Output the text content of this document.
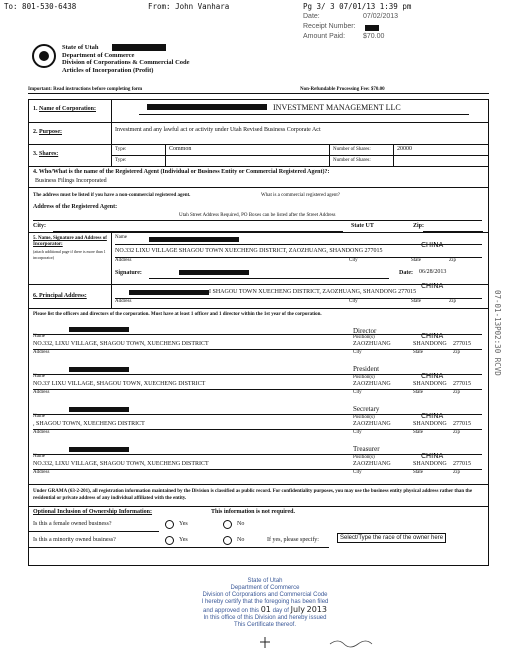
To: 801-530-6438	From: John Vanhara	Pg 3/ 3 07/01/13 1:39 pm
Date:	07/02/2013
Receipt Number:
Amount Paid:	$70.00
State of Utah
Department of Commerce
Division of Corporations & Commercial Code
Articles of Incorporation (Profit)
Important: Read instructions before completing form	Non-Refundable Processing Fee: $70.00
1. Name of Corporation:	INVESTMENT MANAGEMENT LLC
2. Purpose:	Investment and any lawful act or activity under Utah Revised Business Corporate Act
3. Shares:
Type:	Common	Number of Shares:	20000
Type:	Number of Shares:
4. Who/What is the name of the Registered Agent (Individual or Business Entity or Commercial Registered Agent)?:
Business Filings Incorporated
The address must be listed if you have a non-commercial registered agent.	What is a commercial registered agent?
Address of the Registered Agent:
Utah Street Address Required, PO Boxes can be listed after the Street Address
City:	State UT	Zip:
5. Name, Signature and Address of Incorporator:
(attach additional page if there is more than 1 incorporator)
Name
CHINA
NO.332 LIXU VILLAGE SHAGOU TOWN XUECHENG DISTRICT, ZAOZHUANG, SHANDONG 277015
Address	City	State	Zip
Signature:	Date: 06/28/2013
6. Principal Address:
CHINA
I SHAGOU TOWN XUECHENG DISTRICT, ZAOZHUANG, SHANDONG 277015
Address	City	State	Zip
Please list the officers and directors of the corporation. Must have at least 1 officer and 1 director within the 1st year of the corporation.
Director
Name	Position(s)	CHINA
NO.332, LIXU VILLAGE, SHAGOU TOWN, XUECHENG DISTRICT	ZAOZHUANG	SHANDONG 277015
Address	City	State	Zip
President
Name	Position(s)	CHINA
NO.33' LIXU VILLAGE, SHAGOU TOWN, XUECHENG DISTRICT	ZAOZHUANG	SHANDONG 277015
Address	City	State	Zip
Secretary
Name	Position(s)	CHINA
, SHAGOU TOWN, XUECHENG DISTRICT	ZAOZHUANG	SHANDONG 277015
Address	City	State	Zip
Treasurer
Name	Position(s)	CHINA
NO.332, LIXU VILLAGE, SHAGOU TOWN, XUECHENG DISTRICT	ZAOZHUANG	SHANDONG 277015
Address	City	State	Zip
Under GRAMA (63-2-201), all registration information maintained by the Division is classified as public record. For confidentiality purposes, you may use the business entity physical address rather than the residential or private address of any individual affiliated with the entity.
Optional Inclusion of Ownership Information:	This information is not required.
Is this a female owned business?	Yes	No
Is this a minority owned business?	Yes	No	If yes, please specify:	Select/Type the race of the owner here
07-01-13P02:30 RCVD
State of Utah
Department of Commerce
Division of Corporations and Commercial Code
I hereby certify that the foregoing has been filed
and approved on this 01 day of July 2013
In this office of this Division and hereby issued
This Certificate thereof.
